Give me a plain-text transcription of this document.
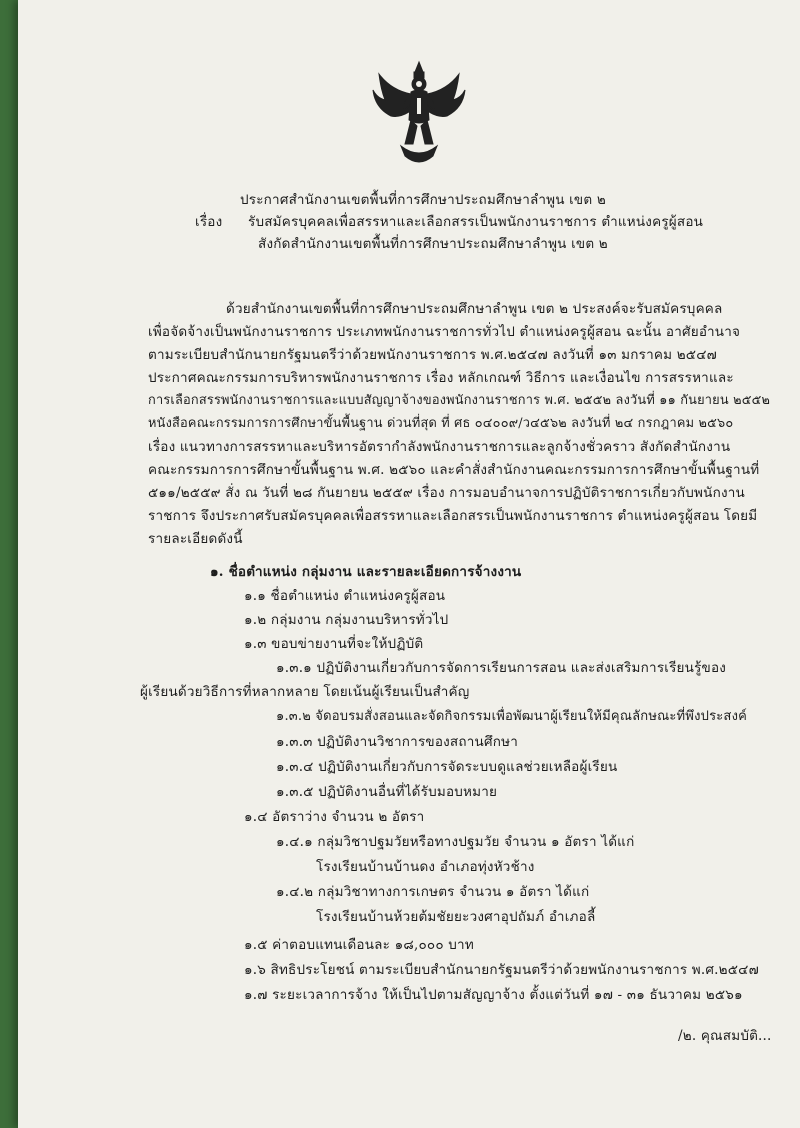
ประกาศสำนักงานเขตพื้นที่การศึกษาประถมศึกษาลำพูน เขต ๒
เรื่อง รับสมัครบุคคลเพื่อสรรหาและเลือกสรรเป็นพนักงานราชการ ตำแหน่งครูผู้สอน
สังกัดสำนักงานเขตพื้นที่การศึกษาประถมศึกษาลำพูน เขต ๒
ด้วยสำนักงานเขตพื้นที่การศึกษาประถมศึกษาลำพูน เขต ๒ ประสงค์จะรับสมัครบุคคล
เพื่อจัดจ้างเป็นพนักงานราชการ ประเภทพนักงานราชการทั่วไป ตำแหน่งครูผู้สอน ฉะนั้น อาศัยอำนาจ
ตามระเบียบสำนักนายกรัฐมนตรีว่าด้วยพนักงานราชการ พ.ศ.๒๕๔๗ ลงวันที่ ๑๓ มกราคม ๒๕๔๗
ประกาศคณะกรรมการบริหารพนักงานราชการ เรื่อง หลักเกณฑ์ วิธีการ และเงื่อนไข การสรรหาและ
การเลือกสรรพนักงานราชการและแบบสัญญาจ้างของพนักงานราชการ พ.ศ. ๒๕๕๒ ลงวันที่ ๑๑ กันยายน ๒๕๕๒
หนังสือคณะกรรมการการศึกษาขั้นพื้นฐาน ด่วนที่สุด ที่ ศธ ๐๔๐๐๙/ว๔๕๖๒ ลงวันที่ ๒๔ กรกฎาคม ๒๕๖๐
เรื่อง แนวทางการสรรหาและบริหารอัตรากำลังพนักงานราชการและลูกจ้างชั่วคราว สังกัดสำนักงาน
คณะกรรมการการศึกษาขั้นพื้นฐาน พ.ศ. ๒๕๖๐ และคำสั่งสำนักงานคณะกรรมการการศึกษาขั้นพื้นฐานที่
๕๑๑/๒๕๕๙ สั่ง ณ วันที่ ๒๘ กันยายน ๒๕๕๙ เรื่อง การมอบอำนาจการปฏิบัติราชการเกี่ยวกับพนักงาน
ราชการ จึงประกาศรับสมัครบุคคลเพื่อสรรหาและเลือกสรรเป็นพนักงานราชการ ตำแหน่งครูผู้สอน โดยมี
รายละเอียดดังนี้
๑. ชื่อตำแหน่ง กลุ่มงาน และรายละเอียดการจ้างงาน
๑.๑ ชื่อตำแหน่ง ตำแหน่งครูผู้สอน
๑.๒ กลุ่มงาน กลุ่มงานบริหารทั่วไป
๑.๓ ขอบข่ายงานที่จะให้ปฏิบัติ
๑.๓.๑ ปฏิบัติงานเกี่ยวกับการจัดการเรียนการสอน และส่งเสริมการเรียนรู้ของ
ผู้เรียนด้วยวิธีการที่หลากหลาย โดยเน้นผู้เรียนเป็นสำคัญ
๑.๓.๒ จัดอบรมสั่งสอนและจัดกิจกรรมเพื่อพัฒนาผู้เรียนให้มีคุณลักษณะที่พึงประสงค์
๑.๓.๓ ปฏิบัติงานวิชาการของสถานศึกษา
๑.๓.๔ ปฏิบัติงานเกี่ยวกับการจัดระบบดูแลช่วยเหลือผู้เรียน
๑.๓.๕ ปฏิบัติงานอื่นที่ได้รับมอบหมาย
๑.๔ อัตราว่าง จำนวน ๒ อัตรา
๑.๔.๑ กลุ่มวิชาปฐมวัยหรือทางปฐมวัย จำนวน ๑ อัตรา ได้แก่
โรงเรียนบ้านบ้านดง อำเภอทุ่งหัวช้าง
๑.๔.๒ กลุ่มวิชาทางการเกษตร จำนวน ๑ อัตรา ได้แก่
โรงเรียนบ้านห้วยต้มชัยยะวงศาอุปถัมภ์ อำเภอลี้
๑.๕ ค่าตอบแทนเดือนละ ๑๘,๐๐๐ บาท
๑.๖ สิทธิประโยชน์ ตามระเบียบสำนักนายกรัฐมนตรีว่าด้วยพนักงานราชการ พ.ศ.๒๕๔๗
๑.๗ ระยะเวลาการจ้าง ให้เป็นไปตามสัญญาจ้าง ตั้งแต่วันที่ ๑๗ - ๓๑ ธันวาคม ๒๕๖๑
/๒. คุณสมบัติ...
